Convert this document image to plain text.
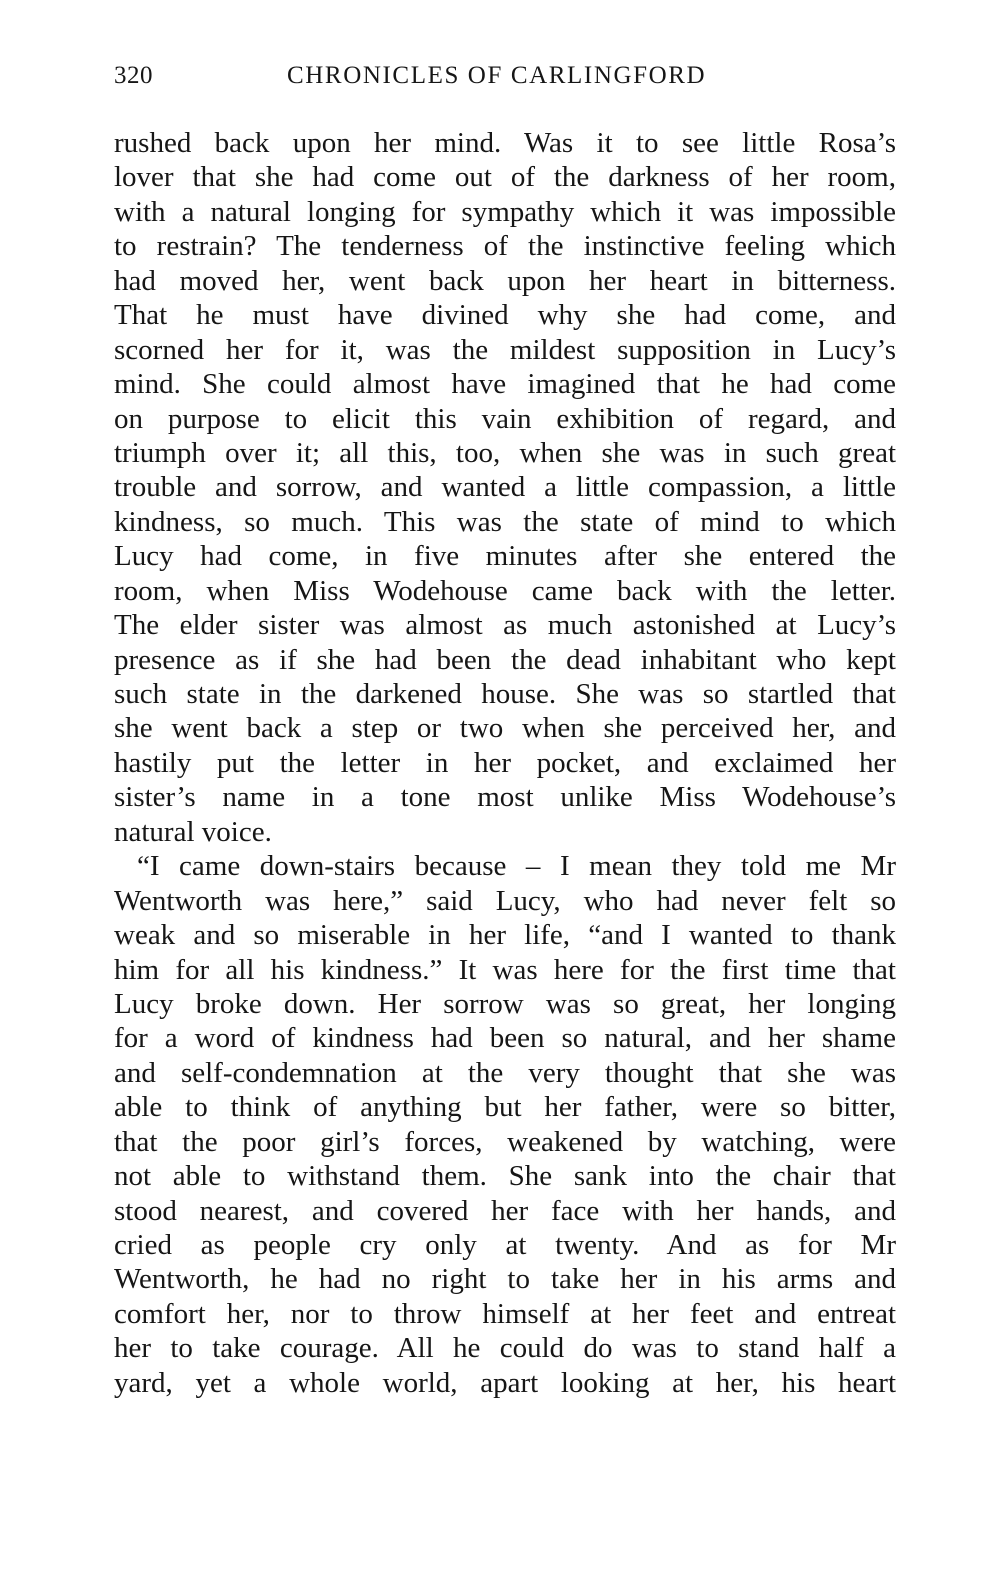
320	CHRONICLES OF CARLINGFORD
rushed back upon her mind. Was it to see little Rosa’s
lover that she had come out of the darkness of her room,
with a natural longing for sympathy which it was impossible
to restrain? The tenderness of the instinctive feeling which
had moved her, went back upon her heart in bitterness.
That he must have divined why she had come, and
scorned her for it, was the mildest supposition in Lucy’s
mind. She could almost have imagined that he had come
on purpose to elicit this vain exhibition of regard, and
triumph over it; all this, too, when she was in such great
trouble and sorrow, and wanted a little compassion, a little
kindness, so much. This was the state of mind to which
Lucy had come, in five minutes after she entered the
room, when Miss Wodehouse came back with the letter.
The elder sister was almost as much astonished at Lucy’s
presence as if she had been the dead inhabitant who kept
such state in the darkened house. She was so startled that
she went back a step or two when she perceived her, and
hastily put the letter in her pocket, and exclaimed her
sister’s name in a tone most unlike Miss Wodehouse’s
natural voice.
“I came down-stairs because – I mean they told me Mr
Wentworth was here,” said Lucy, who had never felt so
weak and so miserable in her life, “and I wanted to thank
him for all his kindness.” It was here for the first time that
Lucy broke down. Her sorrow was so great, her longing
for a word of kindness had been so natural, and her shame
and self-condemnation at the very thought that she was
able to think of anything but her father, were so bitter,
that the poor girl’s forces, weakened by watching, were
not able to withstand them. She sank into the chair that
stood nearest, and covered her face with her hands, and
cried as people cry only at twenty. And as for Mr
Wentworth, he had no right to take her in his arms and
comfort her, nor to throw himself at her feet and entreat
her to take courage. All he could do was to stand half a
yard, yet a whole world, apart looking at her, his heart
